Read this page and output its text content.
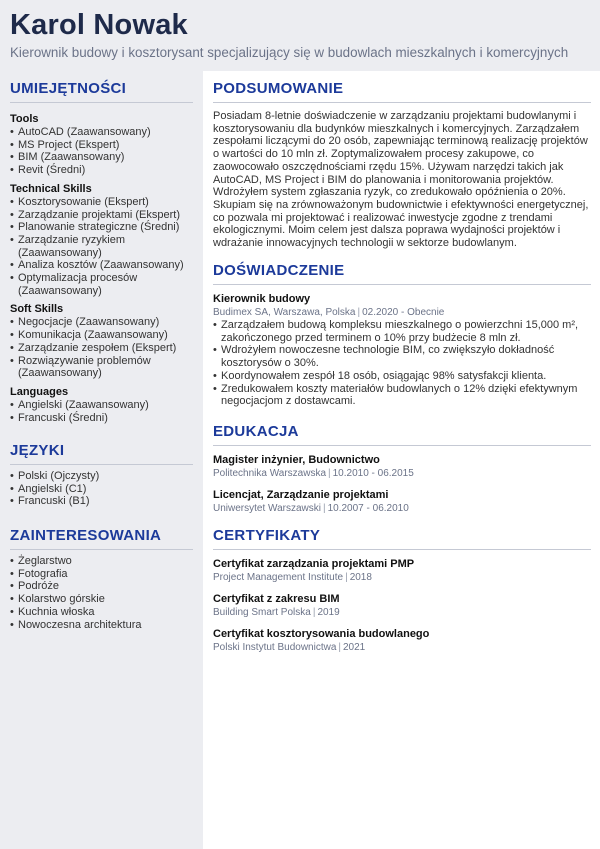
Karol Nowak
Kierownik budowy i kosztorysant specjalizujący się w budowlach mieszkalnych i komercyjnych
UMIEJĘTNOŚCI
Tools
• AutoCAD (Zaawansowany)
• MS Project (Ekspert)
• BIM (Zaawansowany)
• Revit (Średni)
Technical Skills
• Kosztorysowanie (Ekspert)
• Zarządzanie projektami (Ekspert)
• Planowanie strategiczne (Średni)
• Zarządzanie ryzykiem (Zaawansowany)
• Analiza kosztów (Zaawansowany)
• Optymalizacja procesów (Zaawansowany)
Soft Skills
• Negocjacje (Zaawansowany)
• Komunikacja (Zaawansowany)
• Zarządzanie zespołem (Ekspert)
• Rozwiązywanie problemów (Zaawansowany)
Languages
• Angielski (Zaawansowany)
• Francuski (Średni)
JĘZYKI
• Polski (Ojczysty)
• Angielski (C1)
• Francuski (B1)
ZAINTERESOWANIA
• Żeglarstwo
• Fotografia
• Podróże
• Kolarstwo górskie
• Kuchnia włoska
• Nowoczesna architektura
PODSUMOWANIE
Posiadam 8-letnie doświadczenie w zarządzaniu projektami budowlanymi i kosztorysowaniu dla budynków mieszkalnych i komercyjnych. Zarządzałem zespołami liczącymi do 20 osób, zapewniając terminową realizację projektów o wartości do 10 mln zł. Zoptymalizowałem procesy zakupowe, co zaowocowało oszczędnościami rzędu 15%. Używam narzędzi takich jak AutoCAD, MS Project i BIM do planowania i monitorowania projektów. Wdrożyłem system zgłaszania ryzyk, co zredukowało opóźnienia o 20%. Skupiam się na zrównoważonym budownictwie i efektywności energetycznej, co pozwala mi projektować i realizować inwestycje zgodne z trendami ekologicznymi. Moim celem jest dalsza poprawa wydajności projektów i wdrażanie innowacyjnych technologii w sektorze budowlanym.
DOŚWIADCZENIE
Kierownik budowy
Budimex SA, Warszawa, Polska | 02.2020 - Obecnie
• Zarządzałem budową kompleksu mieszkalnego o powierzchni 15,000 m², zakończonego przed terminem o 10% przy budżecie 8 mln zł.
• Wdrożyłem nowoczesne technologie BIM, co zwiększyło dokładność kosztorysów o 30%.
• Koordynowałem zespół 18 osób, osiągając 98% satysfakcji klienta.
• Zredukowałem koszty materiałów budowlanych o 12% dzięki efektywnym negocjacjom z dostawcami.
EDUKACJA
Magister inżynier, Budownictwo
Politechnika Warszawska | 10.2010 - 06.2015
Licencjat, Zarządzanie projektami
Uniwersytet Warszawski | 10.2007 - 06.2010
CERTYFIKATY
Certyfikat zarządzania projektami PMP
Project Management Institute | 2018
Certyfikat z zakresu BIM
Building Smart Polska | 2019
Certyfikat kosztorysowania budowlanego
Polski Instytut Budownictwa | 2021
